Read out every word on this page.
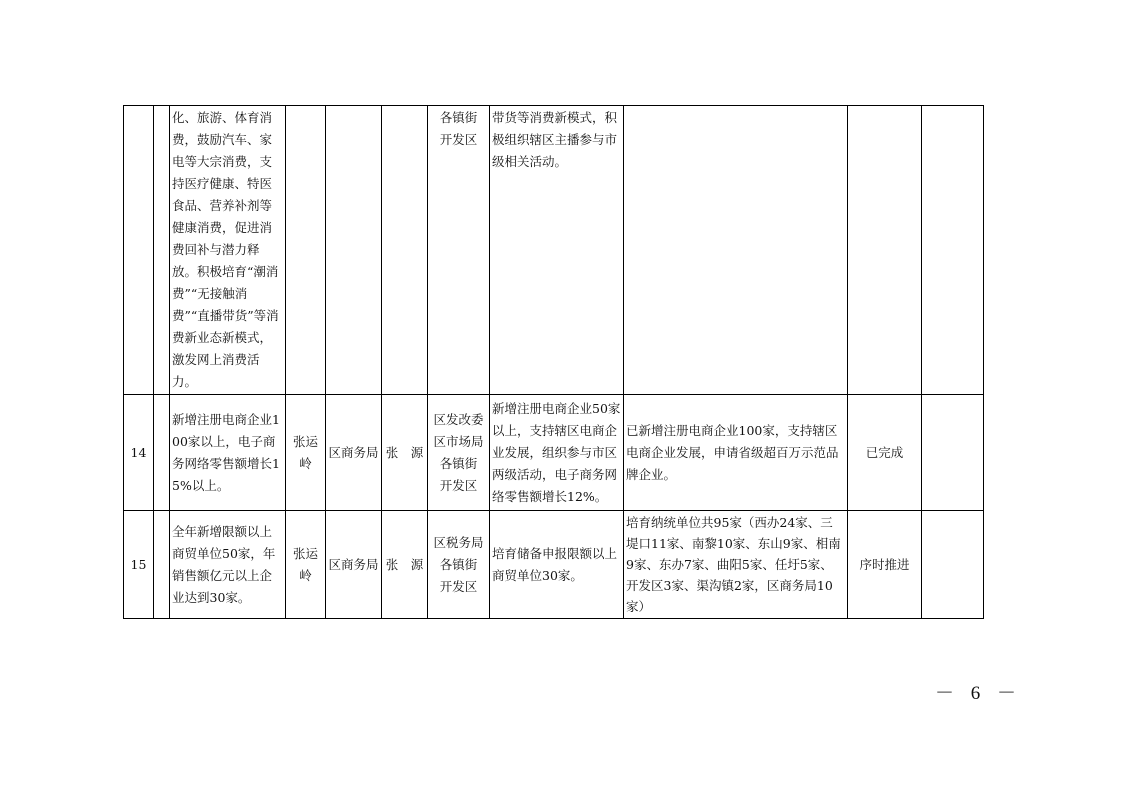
		化、旅游、体育消费，鼓励汽车、家电等大宗消费，支持医疗健康、特医食品、营养补剂等健康消费，促进消费回补与潜力释放。积极培育“潮消费”“无接触消费”“直播带货”等消费新业态新模式，激发网上消费活力。				各镇街
开发区	带货等消费新模式，积极组织辖区主播参与市级相关活动。			
14		新增注册电商企业100家以上，电子商务网络零售额增长15%以上。	张运岭	区商务局	张　源	区发改委
区市场局
各镇街
开发区	新增注册电商企业50家以上，支持辖区电商企业发展，组织参与市区两级活动，电子商务网络零售额增长12%。	已新增注册电商企业100家，支持辖区电商企业发展，申请省级超百万示范品牌企业。	已完成	
15		全年新增限额以上商贸单位50家，年销售额亿元以上企业达到30家。	张运岭	区商务局	张　源	区税务局
各镇街
开发区	培育储备申报限额以上商贸单位30家。	培育纳统单位共95家（西办24家、三堤口11家、南黎10家、东山9家、相南9家、东办7家、曲阳5家、任圩5家、开发区3家、渠沟镇2家，区商务局10家）	序时推进	
－ 6 －
